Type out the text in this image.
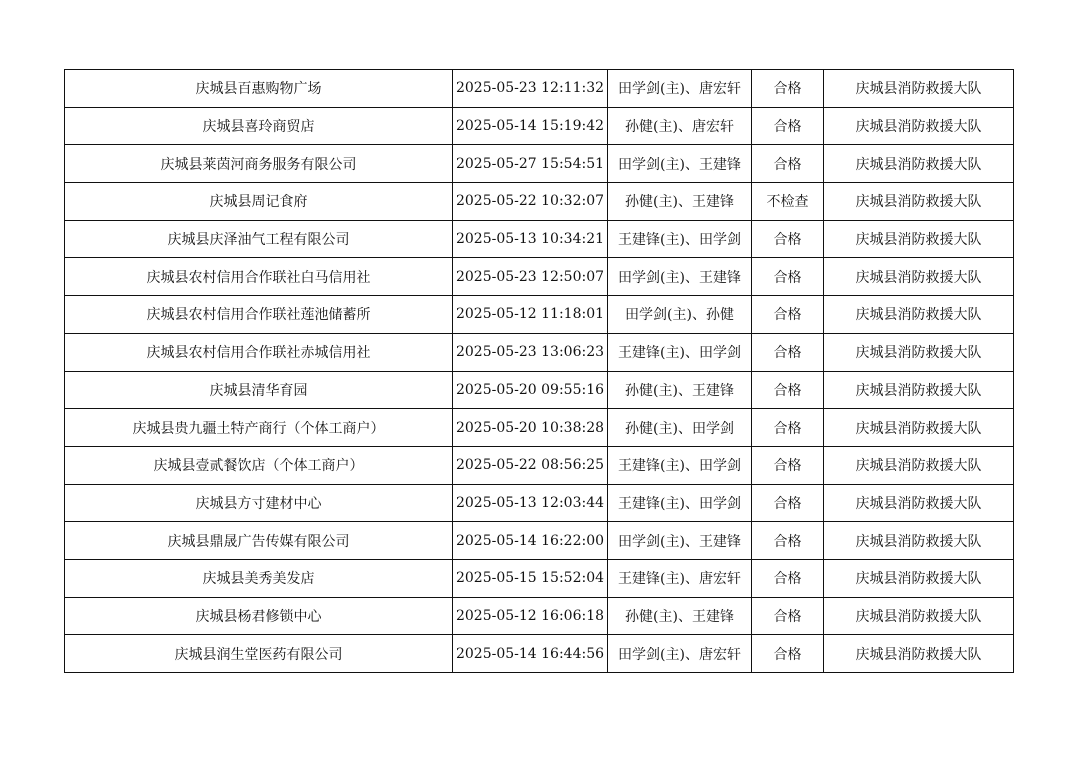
庆城县百惠购物广场	2025-05-23 12:11:32	田学剑(主)、唐宏轩	合格	庆城县消防救援大队
庆城县喜玲商贸店	2025-05-14 15:19:42	孙健(主)、唐宏轩	合格	庆城县消防救援大队
庆城县莱茵河商务服务有限公司	2025-05-27 15:54:51	田学剑(主)、王建锋	合格	庆城县消防救援大队
庆城县周记食府	2025-05-22 10:32:07	孙健(主)、王建锋	不检查	庆城县消防救援大队
庆城县庆泽油气工程有限公司	2025-05-13 10:34:21	王建锋(主)、田学剑	合格	庆城县消防救援大队
庆城县农村信用合作联社白马信用社	2025-05-23 12:50:07	田学剑(主)、王建锋	合格	庆城县消防救援大队
庆城县农村信用合作联社莲池储蓄所	2025-05-12 11:18:01	田学剑(主)、孙健	合格	庆城县消防救援大队
庆城县农村信用合作联社赤城信用社	2025-05-23 13:06:23	王建锋(主)、田学剑	合格	庆城县消防救援大队
庆城县清华育园	2025-05-20 09:55:16	孙健(主)、王建锋	合格	庆城县消防救援大队
庆城县贵九疆土特产商行（个体工商户）	2025-05-20 10:38:28	孙健(主)、田学剑	合格	庆城县消防救援大队
庆城县壹贰餐饮店（个体工商户）	2025-05-22 08:56:25	王建锋(主)、田学剑	合格	庆城县消防救援大队
庆城县方寸建材中心	2025-05-13 12:03:44	王建锋(主)、田学剑	合格	庆城县消防救援大队
庆城县鼎晟广告传媒有限公司	2025-05-14 16:22:00	田学剑(主)、王建锋	合格	庆城县消防救援大队
庆城县美秀美发店	2025-05-15 15:52:04	王建锋(主)、唐宏轩	合格	庆城县消防救援大队
庆城县杨君修锁中心	2025-05-12 16:06:18	孙健(主)、王建锋	合格	庆城县消防救援大队
庆城县润生堂医药有限公司	2025-05-14 16:44:56	田学剑(主)、唐宏轩	合格	庆城县消防救援大队
